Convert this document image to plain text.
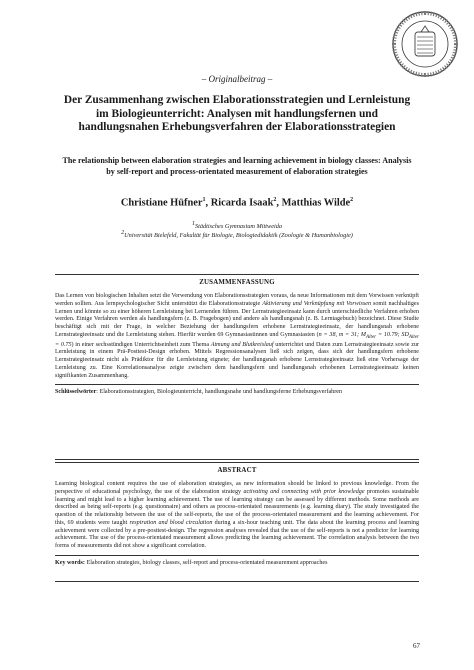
– Originalbeitrag –
Der Zusammenhang zwischen Elaborationsstrategien und Lernleistung im Biologieunterricht: Analysen mit handlungsfernen und handlungsnahen Erhebungsverfahren der Elaborationsstrategien
The relationship between elaboration strategies and learning achievement in biology classes: Analysis by self-report and process-orientated measurement of elaboration strategies
Christiane Hüfner$^1$, Ricarda Isaak$^2$, Matthias Wilde$^2$
$^1$Städtisches Gymnasium Mittweida
$^2$Universität Bielefeld, Fakultät für Biologie, Biologiedidaktik (Zoologie & Humanbiologie)
ZUSAMMENFASSUNG
Das Lernen von biologischen Inhalten setzt die Verwendung von Elaborationsstrategien voraus, da neue Informationen mit dem Vorwissen verknüpft werden sollten. Aus lernpsychologischer Sicht unterstützt die Elaborationsstrategie Aktivierung und Verknüpfung mit Vorwissen somit nachhaltiges Lernen und könnte so zu einer höheren Lernleistung bei Lernenden führen. Der Lernstrategieeinsatz kann durch unterschiedliche Verfahren erhoben werden. Einige Verfahren werden als handlungsfern (z. B. Fragebogen) und andere als handlungsnah (z. B. Lerntagebuch) bezeichnet. Diese Studie beschäftigt sich mit der Frage, in welcher Beziehung der handlungsfern erhobene Lernstrategieeinsatz, der handlungsnah erhobene Lernstrategieeinsatz und die Lernleistung stehen. Hierfür wurden 69 Gymnasiastinnen und Gymnasiasten (n = 38, m = 31; $M_{Alter} = 10.79$; $SD_{Alter} = 0.75$) in einer sechsstündigen Unterrichtseinheit zum Thema Atmung und Blutkreislauf unterrichtet und Daten zum Lernstrategieeinsatz sowie zur Lernleistung in einem Prä-Posttest-Design erhoben. Mittels Regressionsanalysen ließ sich zeigen, dass sich der handlungsfern erhobene Lernstrategieeinsatz nicht als Prädiktor für die Lernleistung eignete; der handlungsnah erhobene Lernstrategieeinsatz ließ eine Vorhersage der Lernleistung zu. Eine Korrelationsanalyse zeigte zwischen dem handlungsfern und handlungsnah erhobenen Lernstrategieeinsatz keinen signifikanten Zusammenhang.
Schlüsselwörter: Elaborationsstrategien, Biologieunterricht, handlungsnahe und handlungsferne Erhebungsverfahren
ABSTRACT
Learning biological content requires the use of elaboration strategies, as new information should be linked to previous knowledge. From the perspective of educational psychology, the use of the elaboration strategy activating and connecting with prior knowledge promotes sustainable learning and might lead to a higher learning achievement. The use of learning strategy can be assessed by different methods. Some methods are described as being self-reports (e.g. questionnaire) and others as process-orientated measurements (e.g. learning diary). The study investigated the question of the relationship between the use of the self-reports, the use of the process-orientated measurement and the learning achievement. For this, 69 students were taught respiration and blood circulation during a six-hour teaching unit. The data about the learning process and learning achievement were collected by a pre-posttest-design. The regression analyses revealed that the use of the self-reports is not a predictor for learning achievement. The use of the process-orientated measurement allows predicting the learning achievement. The correlation analysis between the two forms of measurements did not show a significant correlation.
Key words: Elaboration strategies, biology classes, self-report and process-orientated measurement approaches
67
